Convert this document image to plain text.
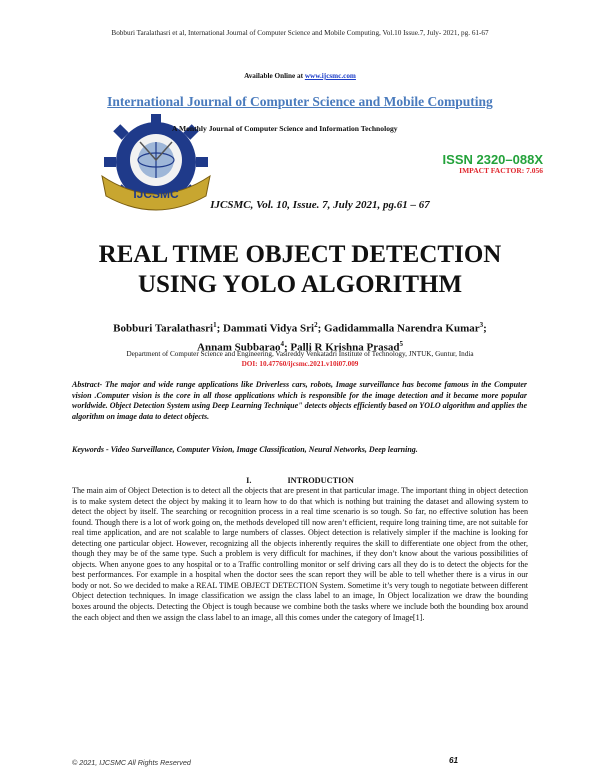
Bobburi Taralathasri et al, International Journal of Computer Science and Mobile Computing, Vol.10 Issue.7, July- 2021, pg. 61-67
Available Online at www.ijcsmc.com
International Journal of Computer Science and Mobile Computing
IJCSMC
A Monthly Journal of Computer Science and Information Technology
ISSN 2320–088X
IMPACT FACTOR: 7.056
IJCSMC, Vol. 10, Issue. 7, July 2021, pg.61 – 67
REAL TIME OBJECT DETECTION
USING YOLO ALGORITHM
Bobburi Taralathasri$^1$; Dammati Vidya Sri$^2$; Gadidammalla Narendra Kumar$^3$;
Annam Subbarao$^4$; Palli R Krishna Prasad$^5$
Department of Computer Science and Engineering, Vasireddy Venkatadri Institute of Technology, JNTUK, Guntur, India
DOI: 10.47760/ijcsmc.2021.v10i07.009
Abstract- The major and wide range applications like Driverless cars, robots, Image surveillance has become famous in the Computer vision .Computer vision is the core in all those applications which is responsible for the image detection and it became more popular worldwide. Object Detection System using Deep Learning Technique" detects objects efficiently based on YOLO algorithm and applies the algorithm on image data to detect objects.
Keywords - Video Surveillance, Computer Vision, Image Classification, Neural Networks, Deep learning.
I.	INTRODUCTION

The main aim of Object Detection is to detect all the objects that are present in that particular image. The important thing in object detection is to make system detect the object by making it to learn how to do that which is nothing but training the dataset and allowing system to detect the object by itself. The searching or recognition process in a real time scenario is so tough. So far, no effective solution has been found. Though there is a lot of work going on, the methods developed till now aren’t efficient, require long training time, are not suitable for real time application, and are not scalable to large numbers of classes. Object detection is relatively simpler if the machine is looking for detecting one particular object. However, recognizing all the objects inherently requires the skill to differentiate one object from the other, though they may be of the same type. Such a problem is very difficult for machines, if they don’t know about the various possibilities of objects. When anyone goes to any hospital or to a Traffic controlling monitor or self driving cars all they do is to detect the objects for the best performances. For example in a hospital when the doctor sees the scan report they will be able to tell whether there is a virus in our body or not. So we decided to make a REAL TIME OBJECT DETECTION System. Sometime it’s very tough to negotiate between different Object detection techniques. In image classification we assign the class label to an image, In Object localization we draw the bounding boxes around the objects. Detecting the Object is tough because we combine both the tasks where we include both the bounding box around the each object and then we assign the class label to an image, all this comes under the category of Image[1].

© 2021, IJCSMC All Rights Reserved	61
